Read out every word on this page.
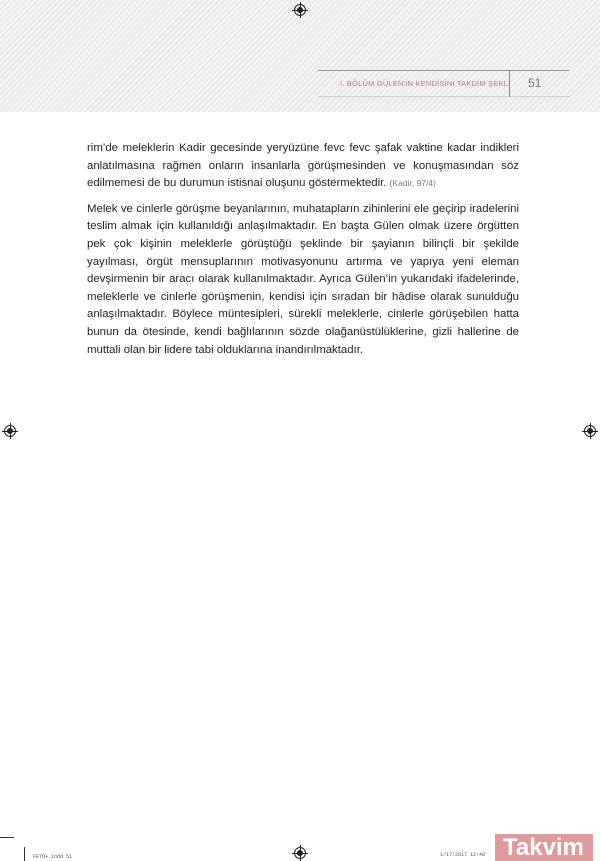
I. BÖLÜM GÜLEN'İN KENDİSİNİ TAKDİM ŞEKLİ 51

rim’de meleklerin Kadir gecesinde yeryüzüne fevc fevc şafak vaktine kadar indikleri anlatılmasına rağmen onların insanlarla görüşmesinden ve konuşmasından söz edilmemesi de bu durumun istisnai oluşunu göstermektedir. (Kadir, 97/4)

Melek ve cinlerle görüşme beyanlarının, muhatapların zihinlerini ele geçirip iradelerini teslim almak için kullanıldığı anlaşılmaktadır. En başta Gülen olmak üzere örgütten pek çok kişinin meleklerle görüştüğü şeklinde bir şayianın bilinçli bir şekilde yayılması, örgüt mensuplarının motivasyonunu artırma ve yapıya yeni eleman devşirmenin bir aracı olarak kullanılmaktadır. Ayrıca Gülen’in yukarıdaki ifadelerinde, meleklerle ve cinlerle görüşmenin, kendisi için sıradan bir hâdise olarak sunulduğu anlaşılmaktadır. Böylece müntesipleri, sürekli meleklerle, cinlerle görüşebilen hatta bunun da ötesinde, kendi bağlılarının sözde olağanüstülüklerine, gizli hallerine de muttali olan bir lidere tabi olduklarına inandırılmaktadır.

FETÖ+.indd 51	Takvim
1/17/2017 12:48
